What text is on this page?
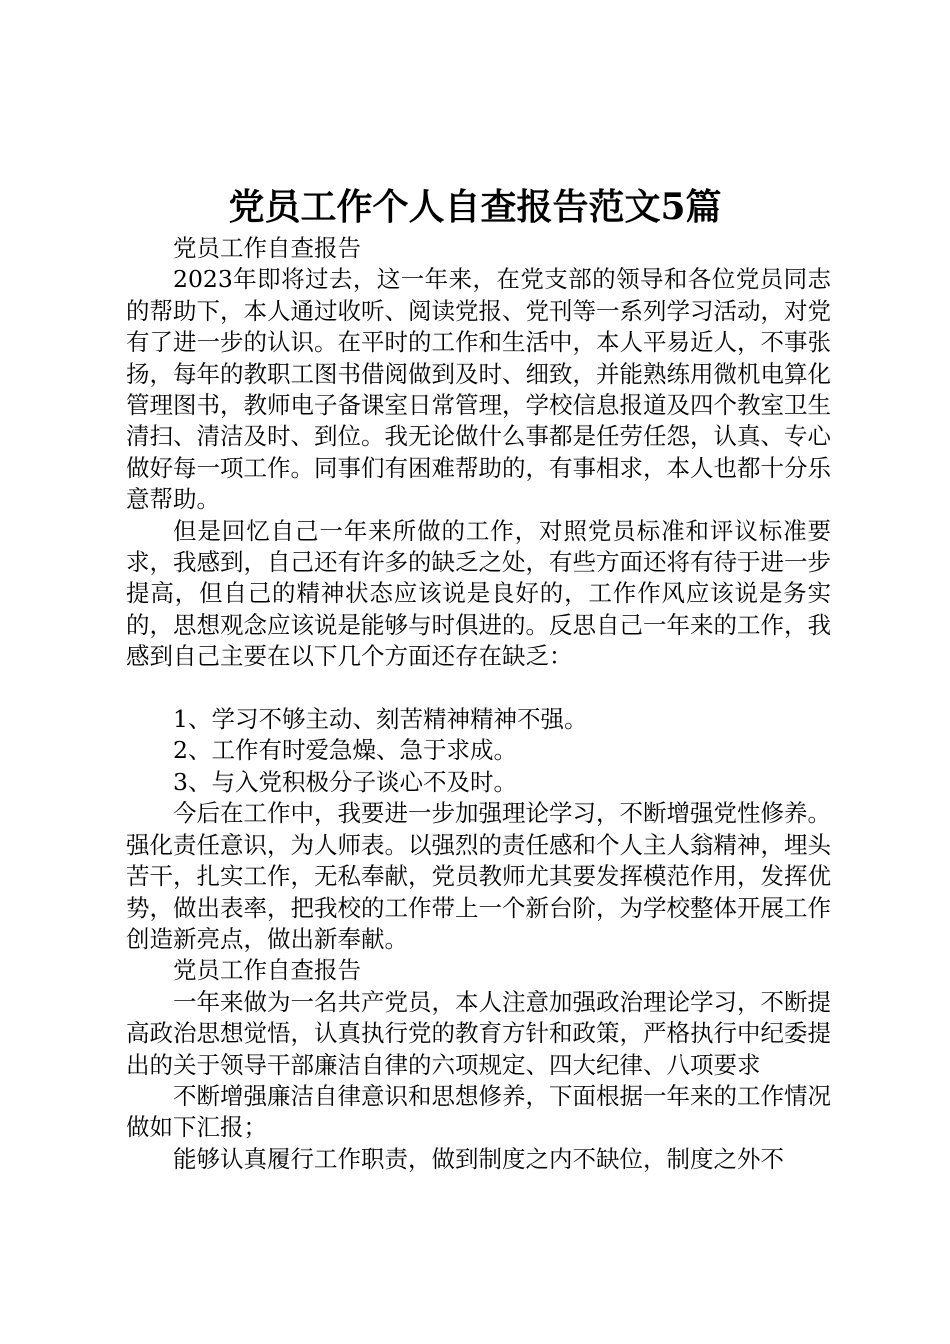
党员工作个人自查报告范文5篇

党员工作自查报告

2023年即将过去，这一年来，在党支部的领导和各位党员同志的帮助下，本人通过收听、阅读党报、党刊等一系列学习活动，对党有了进一步的认识。在平时的工作和生活中，本人平易近人，不事张扬，每年的教职工图书借阅做到及时、细致，并能熟练用微机电算化管理图书，教师电子备课室日常管理，学校信息报道及四个教室卫生清扫、清洁及时、到位。我无论做什么事都是任劳任怨，认真、专心做好每一项工作。同事们有困难帮助的，有事相求，本人也都十分乐意帮助。

但是回忆自己一年来所做的工作，对照党员标准和评议标准要求，我感到，自己还有许多的缺乏之处，有些方面还将有待于进一步提高，但自己的精神状态应该说是良好的，工作作风应该说是务实的，思想观念应该说是能够与时俱进的。反思自己一年来的工作，我感到自己主要在以下几个方面还存在缺乏：

1、学习不够主动、刻苦精神精神不强。

2、工作有时爱急燥、急于求成。

3、与入党积极分子谈心不及时。

今后在工作中，我要进一步加强理论学习，不断增强党性修养。强化责任意识，为人师表。以强烈的责任感和个人主人翁精神，埋头苦干，扎实工作，无私奉献，党员教师尤其要发挥模范作用，发挥优势，做出表率，把我校的工作带上一个新台阶，为学校整体开展工作创造新亮点，做出新奉献。

党员工作自查报告

一年来做为一名共产党员，本人注意加强政治理论学习，不断提高政治思想觉悟，认真执行党的教育方针和政策，严格执行中纪委提出的关于领导干部廉洁自律的六项规定、四大纪律、八项要求

不断增强廉洁自律意识和思想修养，下面根据一年来的工作情况做如下汇报；

能够认真履行工作职责，做到制度之内不缺位，制度之外不
